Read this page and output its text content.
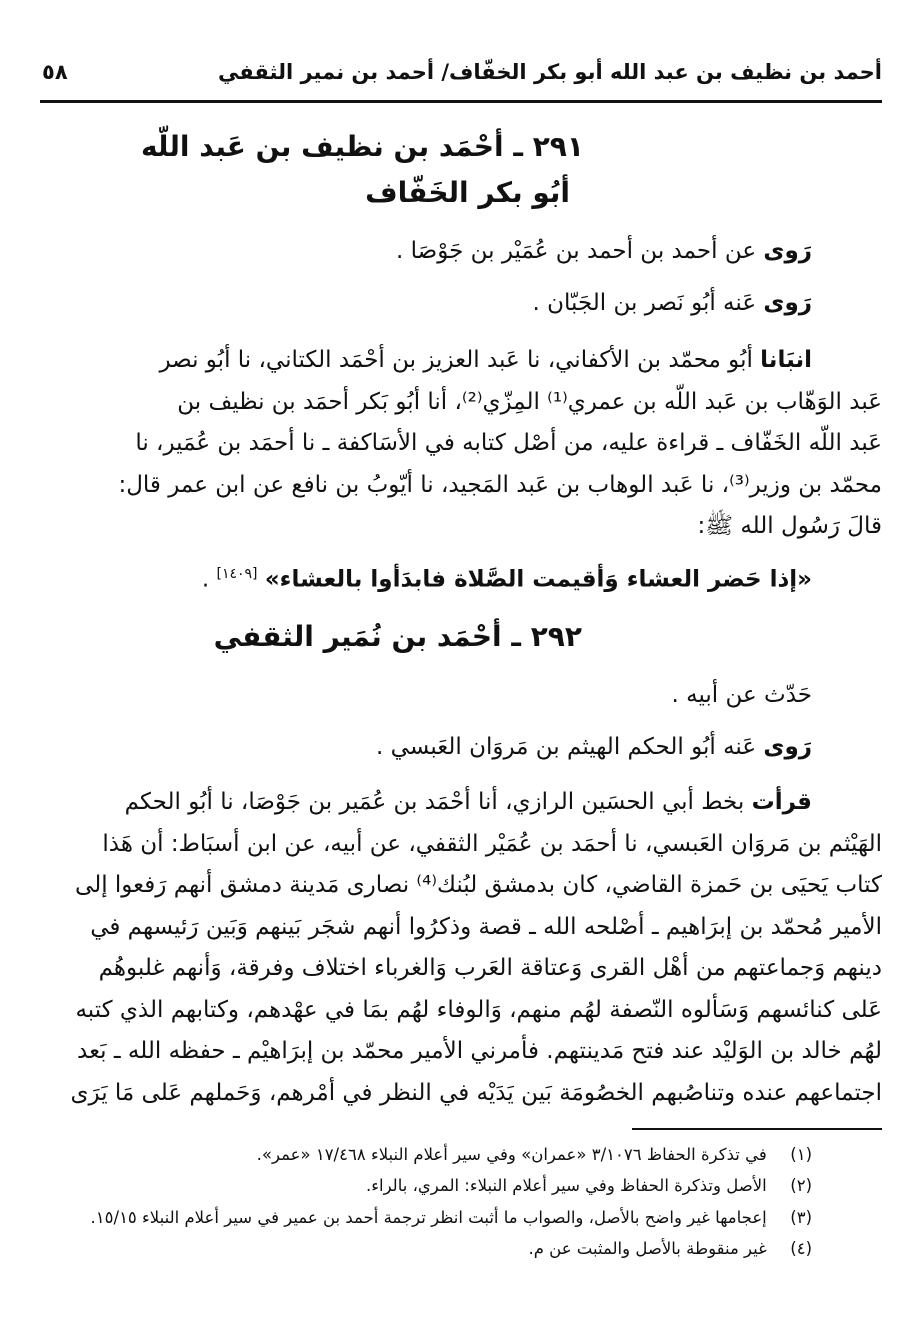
أحمد بن نظيف بن عبد الله أبو بكر الخفّاف/ أحمد بن نمير الثقفي
٥٨
٢٩١ ـ أحْمَد بن نظيف بن عَبد اللّه
أبُو بكر الخَفّاف
رَوى عن أحمد بن أحمد بن عُمَيْر بن جَوْصَا .
رَوى عَنه أبُو نَصر بن الجَبّان .
انبَانا أبُو محمّد بن الأكفاني، نا عَبد العزيز بن أحْمَد الكتاني، نا أبُو نصر
عَبد الوَهّاب بن عَبد اللّه بن عمري⁽¹⁾ المِزّي⁽²⁾، أنا أبُو بَكر أحمَد بن نظيف بن
عَبد اللّه الخَفّاف ـ قراءة عليه، من أصْل كتابه في الأسَاكفة ـ نا أحمَد بن عُمَير، نا
محمّد بن وزير⁽³⁾، نا عَبد الوهاب بن عَبد المَجيد، نا أيّوبُ بن نافع عن ابن عمر قال:
قالَ رَسُول الله ﷺ:
«إذا حَضر العشاء وَأقيمت الصَّلاة فابدَأوا بالعشاء» [١٤٠٩] .
٢٩٢ ـ أحْمَد بن نُمَير الثقفي
حَدّث عن أبيه .
رَوى عَنه أبُو الحكم الهيثم بن مَروَان العَبسي .
قرأت بخط أبي الحسَين الرازي، أنا أحْمَد بن عُمَير بن جَوْصَا، نا أبُو الحكم
الهَيْثم بن مَروَان العَبسي، نا أحمَد بن عُمَيْر الثقفي، عن أبيه، عن ابن أسبَاط: أن هَذا
كتاب يَحيَى بن حَمزة القاضي، كان بدمشق لبُنك⁽⁴⁾ نصارى مَدينة دمشق أنهم رَفعوا إلى
الأمير مُحمّد بن إبرَاهيم ـ أصْلحه الله ـ قصة وذكرُوا أنهم شجَر بَينهم وَبَين رَئيسهم في
دينهم وَجماعتهم من أهْل القرى وَعتاقة العَرب وَالغرباء اختلاف وفرقة، وَأنهم غلبوهُم
عَلى كنائسهم وَسَألوه النّصفة لهُم منهم، وَالوفاء لهُم بمَا في عهْدهم، وكتابهم الذي كتبه
لهُم خالد بن الوَليْد عند فتح مَدينتهم. فأمرني الأمير محمّد بن إبرَاهيْم ـ حفظه الله ـ بَعد
اجتماعهم عنده وتناصُبهم الخصُومَة بَين يَدَيْه في النظر في أمْرهم، وَحَملهم عَلى مَا يَرَى
(١) في تذكرة الحفاظ ٣/١٠٧٦ «عمران» وفي سير أعلام النبلاء ١٧/٤٦٨ «عمر».
(٢) الأصل وتذكرة الحفاظ وفي سير أعلام النبلاء: المري، بالراء.
(٣) إعجامها غير واضح بالأصل، والصواب ما أثبت انظر ترجمة أحمد بن عمير في سير أعلام النبلاء ١٥/١٥.
(٤) غير منقوطة بالأصل والمثبت عن م.
